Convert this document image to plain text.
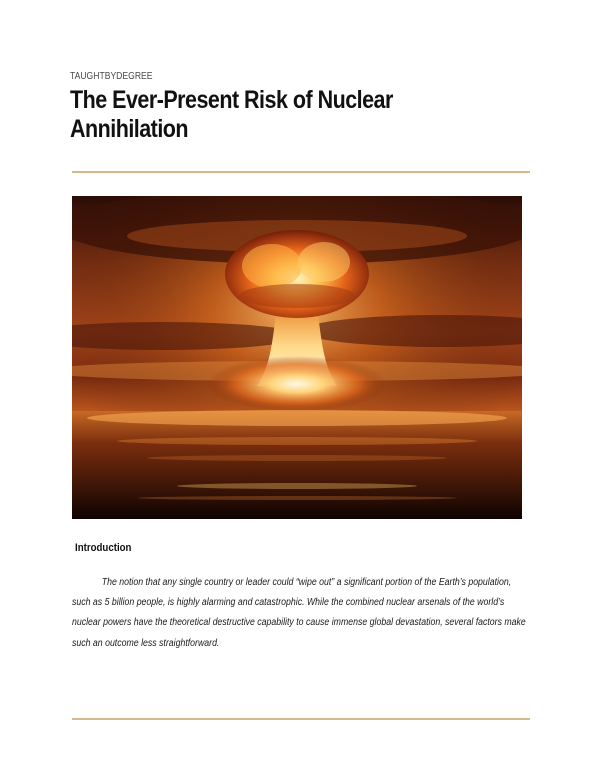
TAUGHTBYDEGREE
The Ever-Present Risk of Nuclear Annihilation
Introduction

The notion that any single country or leader could “wipe out” a significant portion of the Earth’s population, such as 5 billion people, is highly alarming and catastrophic. While the combined nuclear arsenals of the world’s nuclear powers have the theoretical destructive capability to cause immense global devastation, several factors make such an outcome less straightforward.
